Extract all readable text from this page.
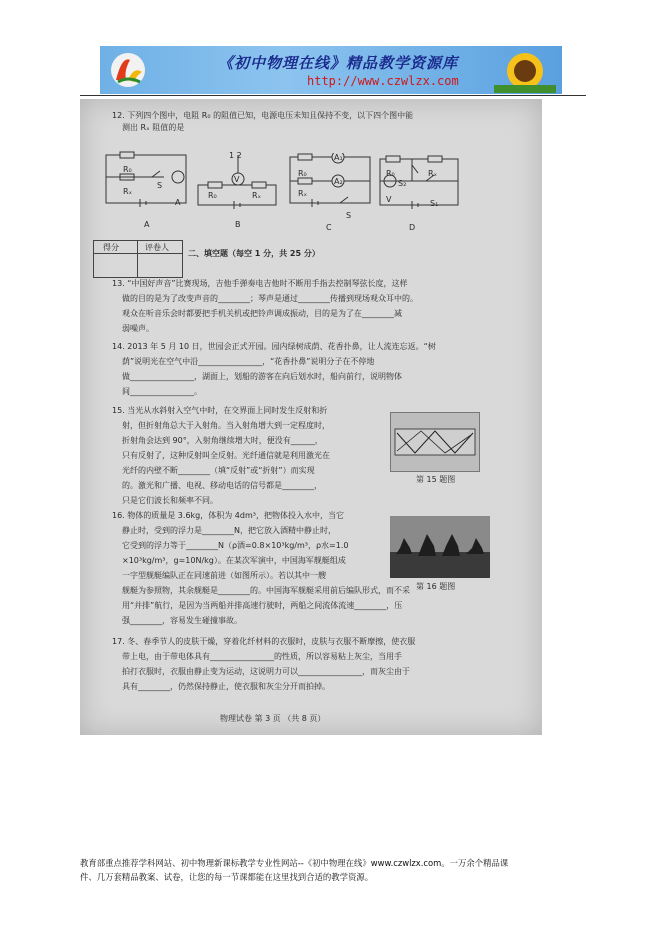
《初中物理在线》精品教学资源库
http://www.czwlzx.com
12. 下列四个图中，电阻 R₀ 的阻值已知，电源电压未知且保持不变，以下四个图中能
测出 Rₓ 阻值的是
R₀
Rₓ
S
A
A
1 2
V
R₀	Rₓ
B
R₀
Rₓ
A₁
A₂
S
C
R₀	Rₓ
S₂
V	S₁
D
得分	评卷人
二、填空题（每空 1 分，共 25 分）
13. “中国好声音”比赛现场，吉他手弹奏电吉他时不断用手指去控制琴弦长度，这样
做的目的是为了改变声音的________；琴声是通过________传播到现场观众耳中的。
观众在听音乐会时都要把手机关机或把铃声调成振动，目的是为了在________减
弱噪声。
14. 2013 年 5 月 10 日，世园会正式开园。园内绿树成荫、花香扑鼻，让人流连忘返。“树
荫”说明光在空气中沿________________，“花香扑鼻”说明分子在不停地
做________________，湖面上，划船的游客在向后划水时，船向前行，说明物体
间________________。
15. 当光从水斜射入空气中时，在交界面上同时发生反射和折
射，但折射角总大于入射角。当入射角增大到一定程度时，
折射角会达到 90°，入射角继续增大时，便没有______，
只有反射了，这种反射叫全反射。光纤通信就是利用激光在
光纤的内壁不断________（填“反射”或“折射”）而实现
的。激光和广播、电视、移动电话的信号都是________，
只是它们波长和频率不同。
第 15 题图
16. 物体的质量是 3.6kg，体积为 4dm³，把物体投入水中，当它
静止时，受到的浮力是________N，把它放入酒精中静止时，
它受到的浮力等于________N（ρ酒=0.8×10³kg/m³，ρ水=1.0
×10³kg/m³，g=10N/kg）。在某次军演中，中国海军舰艇组成
一字型舰艇编队正在同速前进（如图所示）。若以其中一艘
舰艇为参照物，其余舰艇是________的。中国海军舰艇采用前后编队形式，而不采
用“并排”航行，是因为当两船并排高速行驶时，两船之间流体流速________，压
强________，容易发生碰撞事故。
第 16 题图
17. 冬、春季节人的皮肤干燥，穿着化纤材料的衣服时，皮肤与衣服不断摩擦，使衣服
带上电，由于带电体具有________________的性质，所以容易粘上灰尘，当用手
拍打衣服时，衣服由静止变为运动，这说明力可以________________，而灰尘由于
具有________，仍然保持静止，使衣服和灰尘分开而拍掉。
物理试卷 第 3 页 （共 8 页）
教育部重点推荐学科网站、初中物理新课标教学专业性网站--《初中物理在线》www.czwlzx.com。一万余个精品课
件、几万套精品教案、试卷，让您的每一节课都能在这里找到合适的教学资源。
